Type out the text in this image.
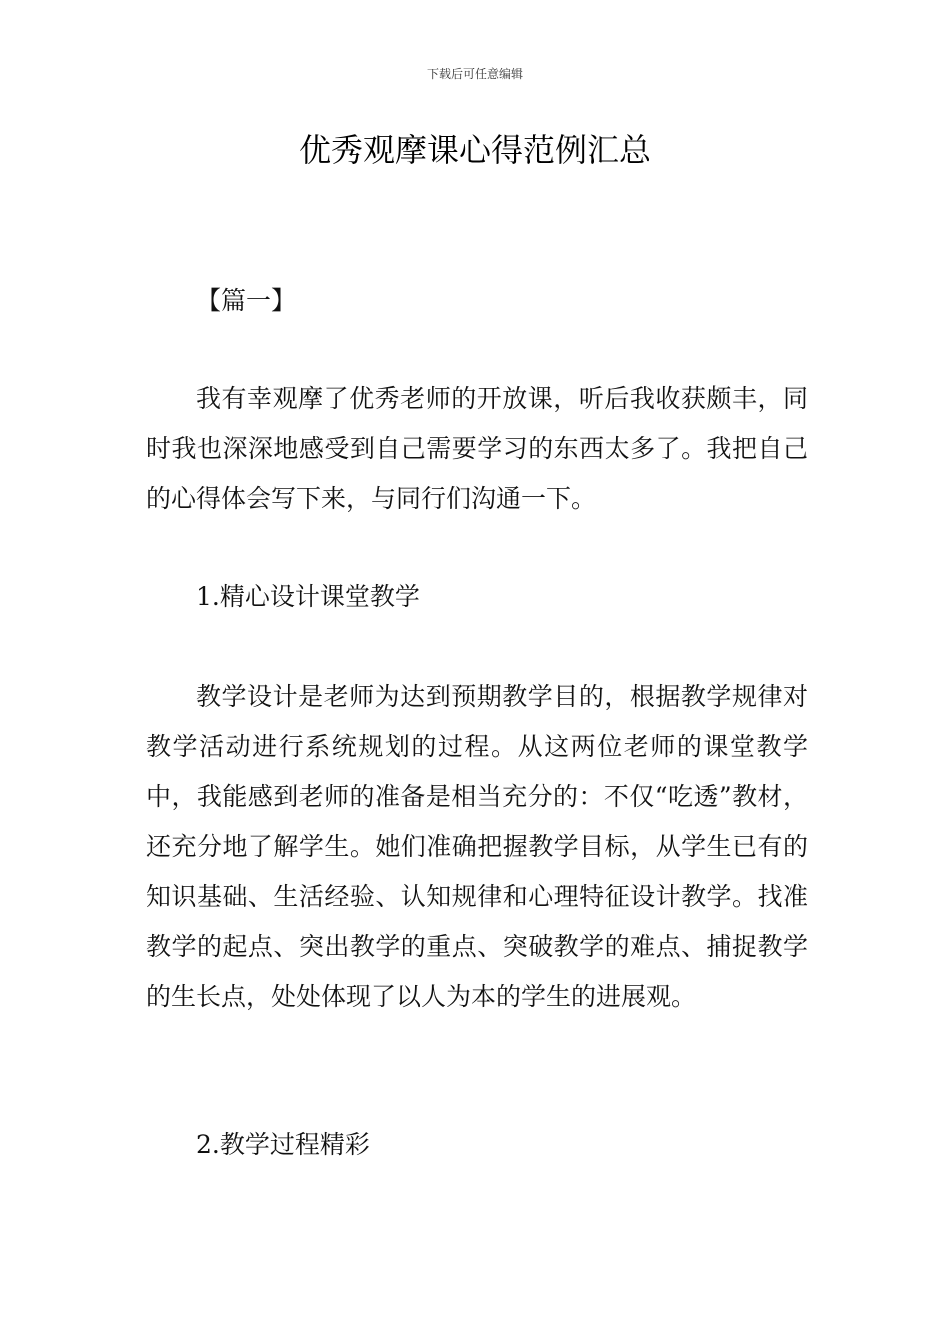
下载后可任意编辑
优秀观摩课心得范例汇总
【篇一】
我有幸观摩了优秀老师的开放课，听后我收获颇丰，同时我也深深地感受到自己需要学习的东西太多了。我把自己的心得体会写下来，与同行们沟通一下。
1.精心设计课堂教学
教学设计是老师为达到预期教学目的，根据教学规律对教学活动进行系统规划的过程。从这两位老师的课堂教学中，我能感到老师的准备是相当充分的：不仅“吃透”教材，还充分地了解学生。她们准确把握教学目标，从学生已有的知识基础、生活经验、认知规律和心理特征设计教学。找准教学的起点、突出教学的重点、突破教学的难点、捕捉教学的生长点，处处体现了以人为本的学生的进展观。
2.教学过程精彩
